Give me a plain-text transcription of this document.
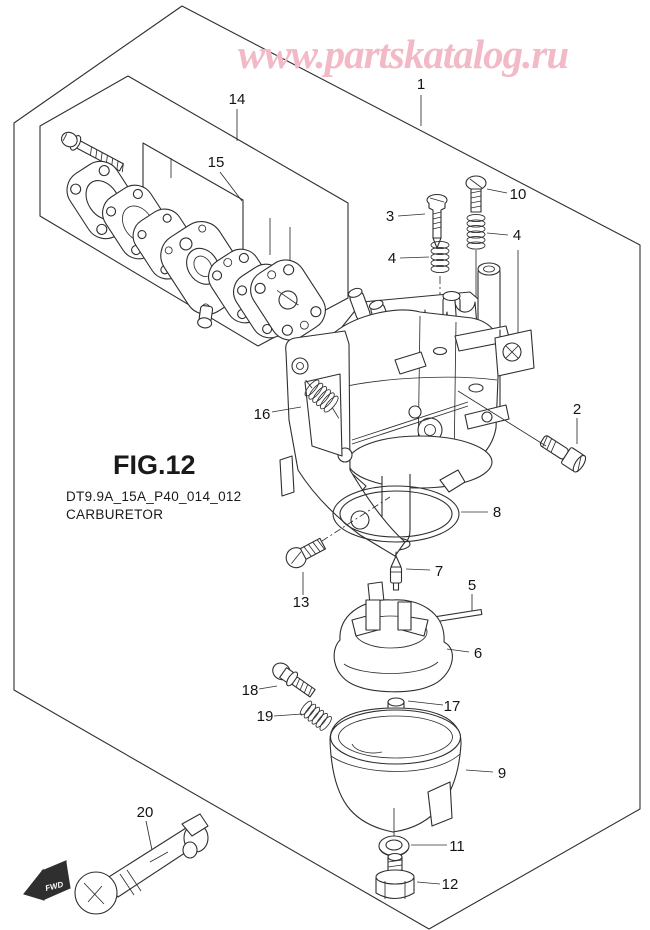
1
14
15
3
10
4
4
16	2
8
13
7
5
6
18
19
17
9
11
12
20
www.partskatalog.ru
FIG.12
DT9.9A_15A_P40_014_012
CARBURETOR
FWD
